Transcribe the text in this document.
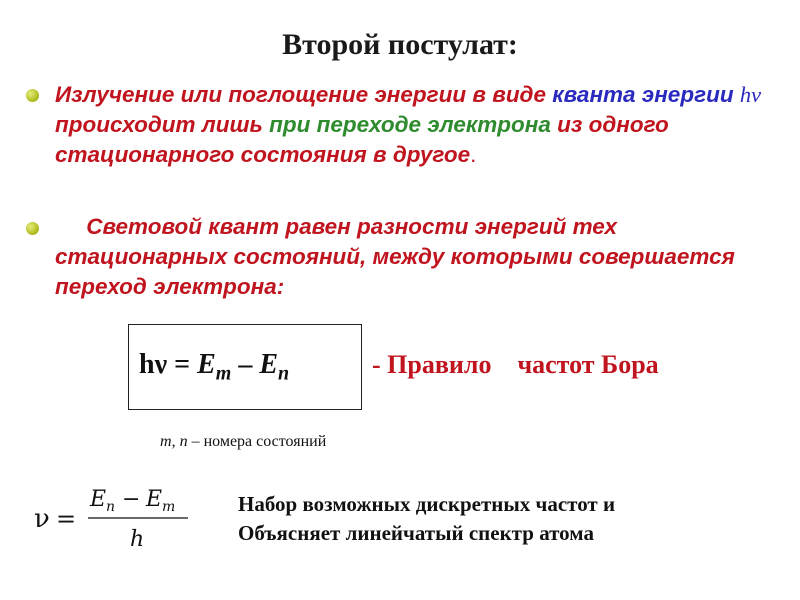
Второй постулат:
Излучение или поглощение энергии в виде кванта энергии hν происходит лишь при переходе электрона из одного стационарного состояния в другое.
Световой квант равен разности энергий тех стационарных состояний, между которыми совершается переход электрона:
$h\nu = E_m - E_n$	- Правило    частот Бора
m, n – номера состояний
ν =
E n − E m
h
Набор возможных дискретных частот и
Объясняет линейчатый спектр атома
